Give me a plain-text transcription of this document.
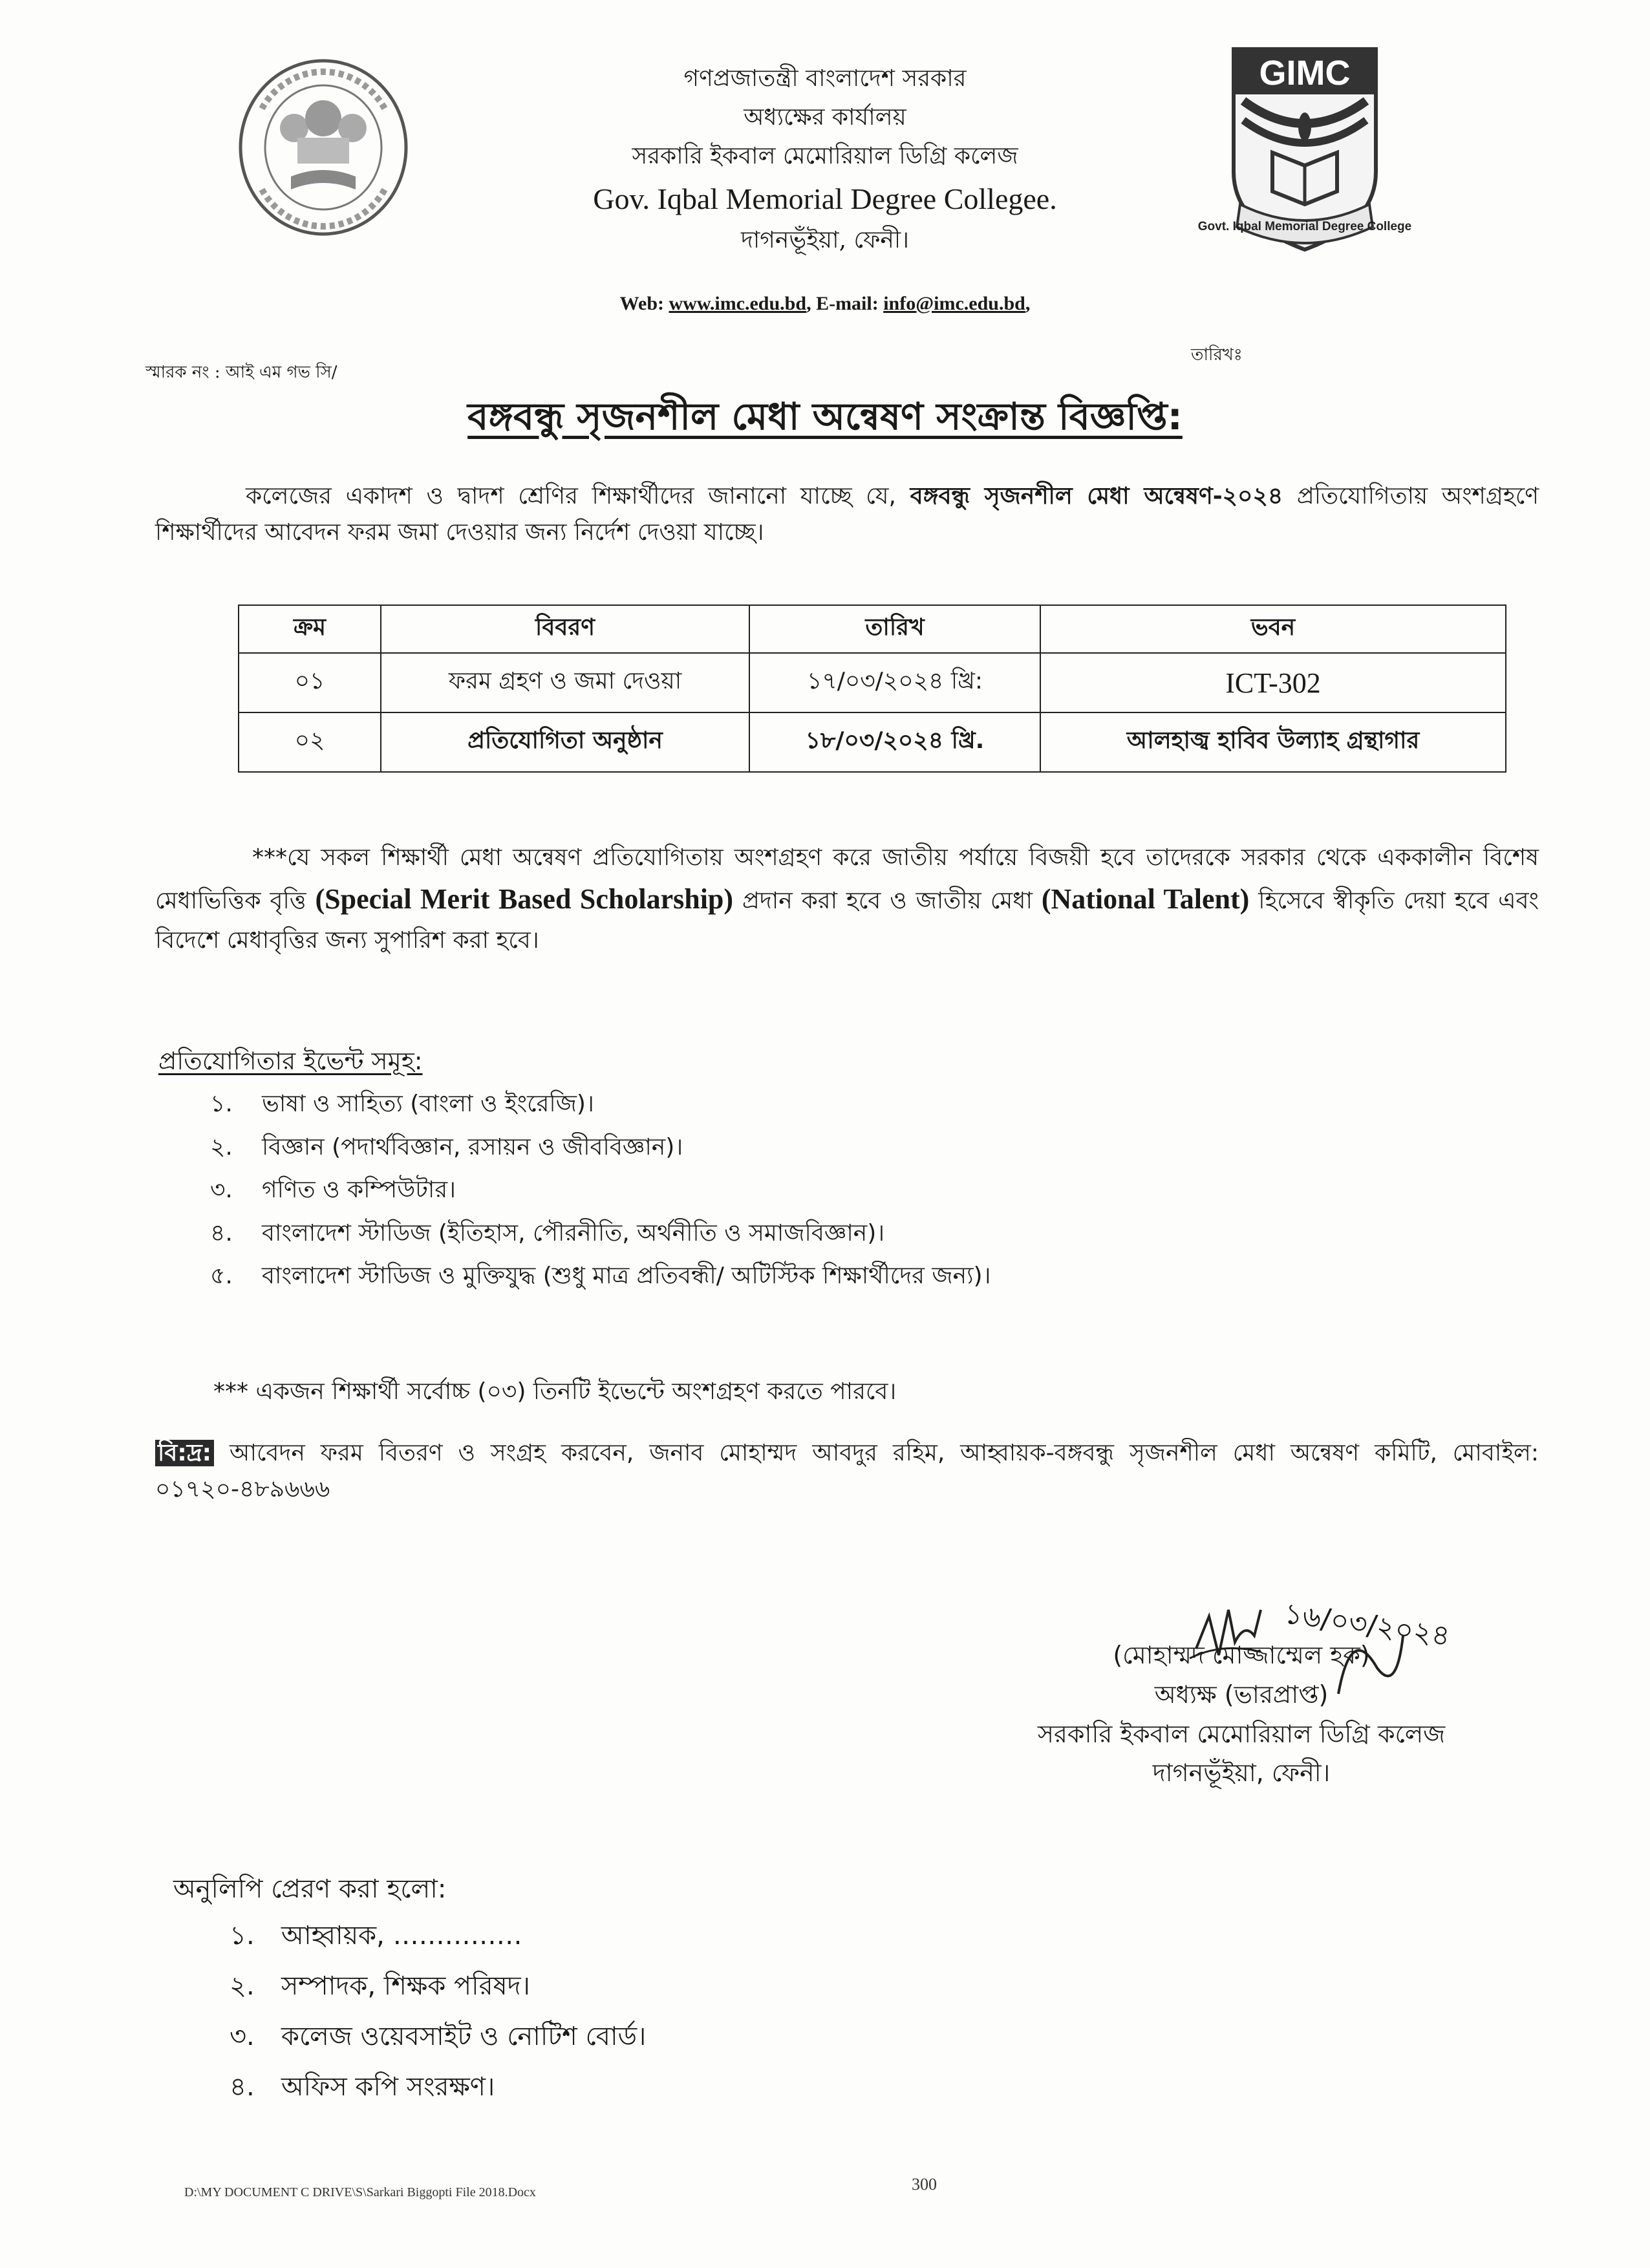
GIMC
Govt. Iqbal Memorial Degree College
গণপ্রজাতন্ত্রী বাংলাদেশ সরকার
অধ্যক্ষের কার্যালয়
সরকারি ইকবাল মেমোরিয়াল ডিগ্রি কলেজ
Gov. Iqbal Memorial Degree Collegee.
দাগনভূঁইয়া, ফেনী।
Web: www.imc.edu.bd, E-mail: info@imc.edu.bd,
স্মারক নং : আই এম গভ সি/
তারিখঃ
বঙ্গবন্ধু সৃজনশীল মেধা অন্বেষণ সংক্রান্ত বিজ্ঞপ্তি:
কলেজের একাদশ ও দ্বাদশ শ্রেণির শিক্ষার্থীদের জানানো যাচ্ছে যে, বঙ্গবন্ধু সৃজনশীল মেধা অন্বেষণ-২০২৪ প্রতিযোগিতায় অংশগ্রহণে শিক্ষার্থীদের আবেদন ফরম জমা দেওয়ার জন্য নির্দেশ দেওয়া যাচ্ছে।
ক্রম	বিবরণ	তারিখ	ভবন
০১	ফরম গ্রহণ ও জমা দেওয়া	১৭/০৩/২০২৪ খ্রি:	ICT-302
০২	প্রতিযোগিতা অনুষ্ঠান	১৮/০৩/২০২৪ খ্রি.	আলহাজ্ব হাবিব উল্যাহ গ্রন্থাগার
***যে সকল শিক্ষার্থী মেধা অন্বেষণ প্রতিযোগিতায় অংশগ্রহণ করে জাতীয় পর্যায়ে বিজয়ী হবে তাদেরকে সরকার থেকে এককালীন বিশেষ মেধাভিত্তিক বৃত্তি (Special Merit Based Scholarship) প্রদান করা হবে ও জাতীয় মেধা (National Talent) হিসেবে স্বীকৃতি দেয়া হবে এবং বিদেশে মেধাবৃত্তির জন্য সুপারিশ করা হবে।
প্রতিযোগিতার ইভেন্ট সমূহ:
১.	ভাষা ও সাহিত্য (বাংলা ও ইংরেজি)।
২.	বিজ্ঞান (পদার্থবিজ্ঞান, রসায়ন ও জীববিজ্ঞান)।
৩.	গণিত ও কম্পিউটার।
৪.	বাংলাদেশ স্টাডিজ (ইতিহাস, পৌরনীতি, অর্থনীতি ও সমাজবিজ্ঞান)।
৫.	বাংলাদেশ স্টাডিজ ও মুক্তিযুদ্ধ (শুধু মাত্র প্রতিবন্ধী/ অটিস্টিক শিক্ষার্থীদের জন্য)।
*** একজন শিক্ষার্থী সর্বোচ্চ (০৩) তিনটি ইভেন্টে অংশগ্রহণ করতে পারবে।
বি:দ্র: আবেদন ফরম বিতরণ ও সংগ্রহ করবেন, জনাব মোহাম্মদ আবদুর রহিম, আহ্বায়ক-বঙ্গবন্ধু সৃজনশীল মেধা অন্বেষণ কমিটি, মোবাইল: ০১৭২০-৪৮৯৬৬৬
১৬/০৩/২০২৪
(মোহাম্মদ মোজ্জাম্মেল হক)
অধ্যক্ষ (ভারপ্রাপ্ত)
সরকারি ইকবাল মেমোরিয়াল ডিগ্রি কলেজ
দাগনভূঁইয়া, ফেনী।
অনুলিপি প্রেরণ করা হলো:
১.	আহ্বায়ক, ……………
২.	সম্পাদক, শিক্ষক পরিষদ।
৩.	কলেজ ওয়েবসাইট ও নোটিশ বোর্ড।
৪.	অফিস কপি সংরক্ষণ।
D:\MY DOCUMENT C DRIVE\S\Sarkari Biggopti File 2018.Docx	300
